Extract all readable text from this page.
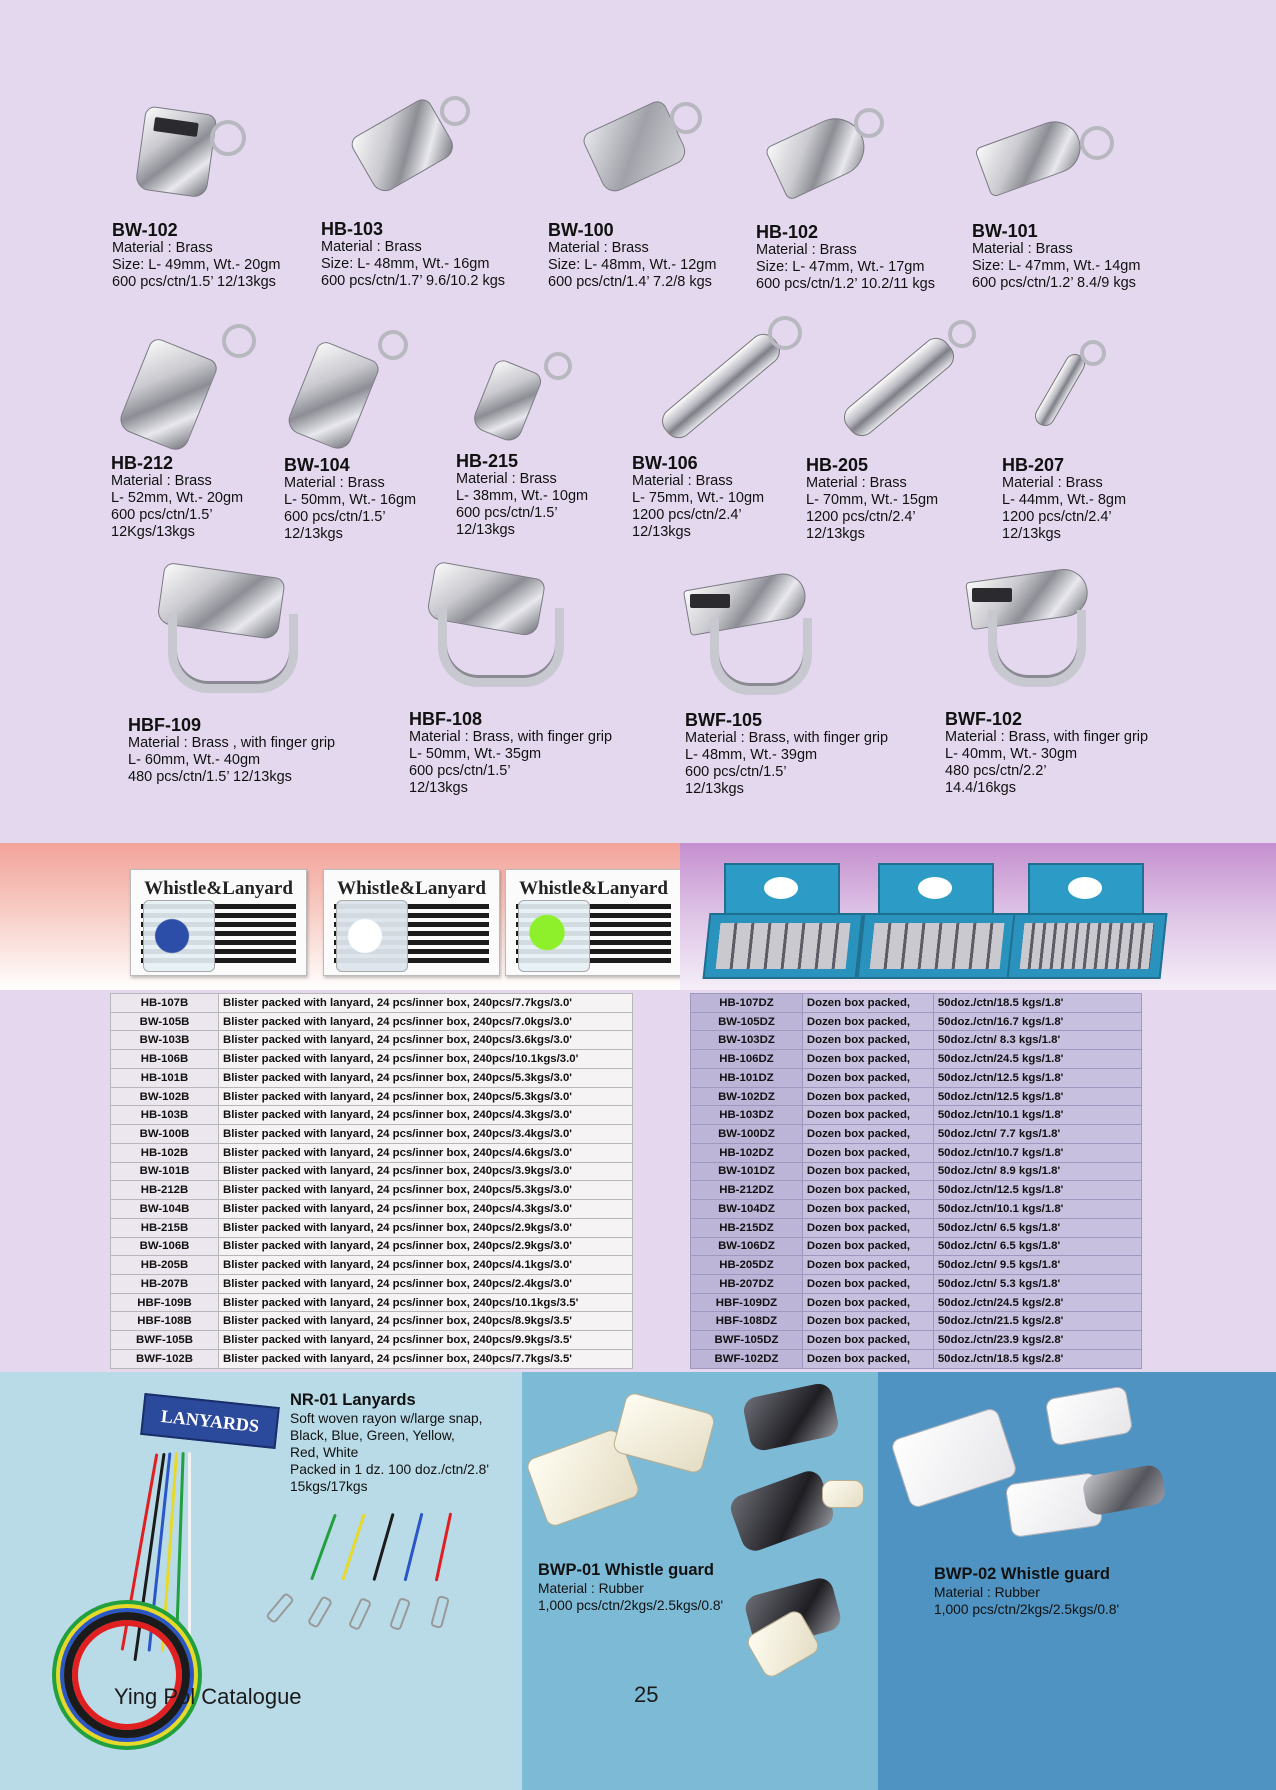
BW-102
Material : Brass
Size: L- 49mm, Wt.- 20gm
600 pcs/ctn/1.5’ 12/13kgs
HB-103
Material : Brass
Size: L- 48mm, Wt.- 16gm
600 pcs/ctn/1.7’ 9.6/10.2 kgs
BW-100
Material : Brass
Size: L- 48mm, Wt.- 12gm
600 pcs/ctn/1.4’ 7.2/8 kgs
HB-102
Material : Brass
Size: L- 47mm, Wt.- 17gm
600 pcs/ctn/1.2’ 10.2/11 kgs
BW-101
Material : Brass
Size: L- 47mm, Wt.- 14gm
600 pcs/ctn/1.2’ 8.4/9 kgs
HB-212
Material : Brass
L- 52mm, Wt.- 20gm
600 pcs/ctn/1.5’
12Kgs/13kgs
BW-104
Material : Brass
L- 50mm, Wt.- 16gm
600 pcs/ctn/1.5’
12/13kgs
HB-215
Material : Brass
L- 38mm, Wt.- 10gm
600 pcs/ctn/1.5’
12/13kgs
BW-106
Material : Brass
L- 75mm, Wt.- 10gm
1200 pcs/ctn/2.4’
12/13kgs
HB-205
Material : Brass
L- 70mm, Wt.- 15gm
1200 pcs/ctn/2.4’
12/13kgs
HB-207
Material : Brass
L- 44mm, Wt.- 8gm
1200 pcs/ctn/2.4’
12/13kgs
HBF-109
Material : Brass , with finger grip
L- 60mm, Wt.- 40gm
480 pcs/ctn/1.5’ 12/13kgs
HBF-108
Material : Brass, with finger grip
L- 50mm, Wt.- 35gm
600 pcs/ctn/1.5’
12/13kgs
BWF-105
Material : Brass, with finger grip
L- 48mm, Wt.- 39gm
600 pcs/ctn/1.5’
12/13kgs
BWF-102
Material : Brass, with finger grip
L- 40mm, Wt.- 30gm
480 pcs/ctn/2.2’
14.4/16kgs
Whistle&Lanyard	Whistle&Lanyard	Whistle&Lanyard
HB-107B	Blister packed with lanyard, 24 pcs/inner box, 240pcs/7.7kgs/3.0'
BW-105B	Blister packed with lanyard, 24 pcs/inner box, 240pcs/7.0kgs/3.0'
BW-103B	Blister packed with lanyard, 24 pcs/inner box, 240pcs/3.6kgs/3.0'
HB-106B	Blister packed with lanyard, 24 pcs/inner box, 240pcs/10.1kgs/3.0'
HB-101B	Blister packed with lanyard, 24 pcs/inner box, 240pcs/5.3kgs/3.0'
BW-102B	Blister packed with lanyard, 24 pcs/inner box, 240pcs/5.3kgs/3.0'
HB-103B	Blister packed with lanyard, 24 pcs/inner box, 240pcs/4.3kgs/3.0'
BW-100B	Blister packed with lanyard, 24 pcs/inner box, 240pcs/3.4kgs/3.0'
HB-102B	Blister packed with lanyard, 24 pcs/inner box, 240pcs/4.6kgs/3.0'
BW-101B	Blister packed with lanyard, 24 pcs/inner box, 240pcs/3.9kgs/3.0'
HB-212B	Blister packed with lanyard, 24 pcs/inner box, 240pcs/5.3kgs/3.0'
BW-104B	Blister packed with lanyard, 24 pcs/inner box, 240pcs/4.3kgs/3.0'
HB-215B	Blister packed with lanyard, 24 pcs/inner box, 240pcs/2.9kgs/3.0'
BW-106B	Blister packed with lanyard, 24 pcs/inner box, 240pcs/2.9kgs/3.0'
HB-205B	Blister packed with lanyard, 24 pcs/inner box, 240pcs/4.1kgs/3.0'
HB-207B	Blister packed with lanyard, 24 pcs/inner box, 240pcs/2.4kgs/3.0'
HBF-109B	Blister packed with lanyard, 24 pcs/inner box, 240pcs/10.1kgs/3.5'
HBF-108B	Blister packed with lanyard, 24 pcs/inner box, 240pcs/8.9kgs/3.5'
BWF-105B	Blister packed with lanyard, 24 pcs/inner box, 240pcs/9.9kgs/3.5'
BWF-102B	Blister packed with lanyard, 24 pcs/inner box, 240pcs/7.7kgs/3.5'
HB-107DZ	Dozen box packed,	50doz./ctn/18.5 kgs/1.8'
BW-105DZ	Dozen box packed,	50doz./ctn/16.7 kgs/1.8'
BW-103DZ	Dozen box packed,	50doz./ctn/ 8.3 kgs/1.8'
HB-106DZ	Dozen box packed,	50doz./ctn/24.5 kgs/1.8'
HB-101DZ	Dozen box packed,	50doz./ctn/12.5 kgs/1.8'
BW-102DZ	Dozen box packed,	50doz./ctn/12.5 kgs/1.8'
HB-103DZ	Dozen box packed,	50doz./ctn/10.1 kgs/1.8'
BW-100DZ	Dozen box packed,	50doz./ctn/ 7.7 kgs/1.8'
HB-102DZ	Dozen box packed,	50doz./ctn/10.7 kgs/1.8'
BW-101DZ	Dozen box packed,	50doz./ctn/ 8.9 kgs/1.8'
HB-212DZ	Dozen box packed,	50doz./ctn/12.5 kgs/1.8'
BW-104DZ	Dozen box packed,	50doz./ctn/10.1 kgs/1.8'
HB-215DZ	Dozen box packed,	50doz./ctn/ 6.5 kgs/1.8'
BW-106DZ	Dozen box packed,	50doz./ctn/ 6.5 kgs/1.8'
HB-205DZ	Dozen box packed,	50doz./ctn/ 9.5 kgs/1.8'
HB-207DZ	Dozen box packed,	50doz./ctn/ 5.3 kgs/1.8'
HBF-109DZ	Dozen box packed,	50doz./ctn/24.5 kgs/2.8'
HBF-108DZ	Dozen box packed,	50doz./ctn/21.5 kgs/2.8'
BWF-105DZ	Dozen box packed,	50doz./ctn/23.9 kgs/2.8'
BWF-102DZ	Dozen box packed,	50doz./ctn/18.5 kgs/2.8'
LANYARDS
NR-01 Lanyards
Soft woven rayon w/large snap,
Black, Blue, Green, Yellow,
Red, White
Packed in 1 dz. 100 doz./ctn/2.8'
15kgs/17kgs
Ying Pol Catalogue
BWP-01 Whistle guard
Material : Rubber
1,000 pcs/ctn/2kgs/2.5kgs/0.8'
25
BWP-02 Whistle guard
Material : Rubber
1,000 pcs/ctn/2kgs/2.5kgs/0.8'
